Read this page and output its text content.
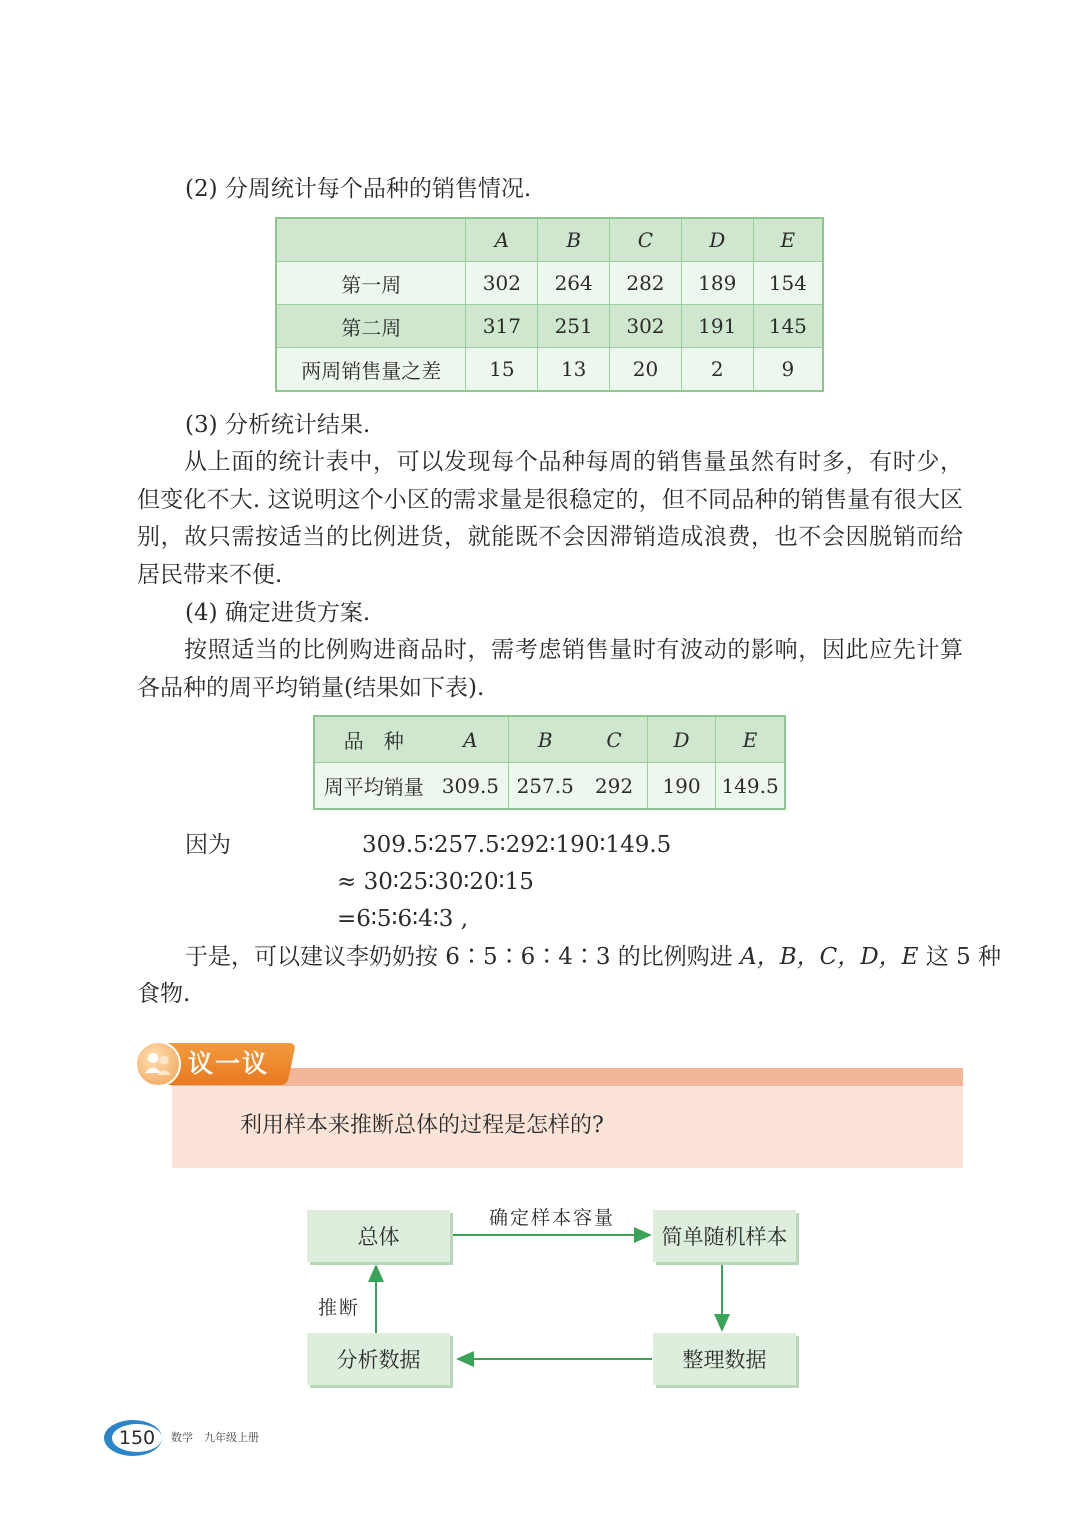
(2) 分周统计每个品种的销售情况.
	A	B	C	D	E
第一周	302	264	282	189	154
第二周	317	251	302	191	145
两周销售量之差	15	13	20	2	9
(3) 分析统计结果.
从上面的统计表中，可以发现每个品种每周的销售量虽然有时多，有时少，但变化不大. 这说明这个小区的需求量是很稳定的，但不同品种的销售量有很大区别，故只需按适当的比例进货，就能既不会因滞销造成浪费，也不会因脱销而给居民带来不便.
(4) 确定进货方案.
按照适当的比例购进商品时，需考虑销售量时有波动的影响，因此应先计算各品种的周平均销量(结果如下表).
品　种	A	B	C	D	E
周平均销量	309.5	257.5	292	190	149.5
因为	309.5∶257.5∶292∶190∶149.5
≈ 30∶25∶30∶20∶15
=6∶5∶6∶4∶3 ,
于是，可以建议李奶奶按 6∶5∶6∶4∶3 的比例购进 A，B，C，D，E 这 5 种
食物.
议一议
利用样本来推断总体的过程是怎样的?
总体	简单随机样本
整理数据
分析数据
确定样本容量
推断
150	数学　九年级上册
